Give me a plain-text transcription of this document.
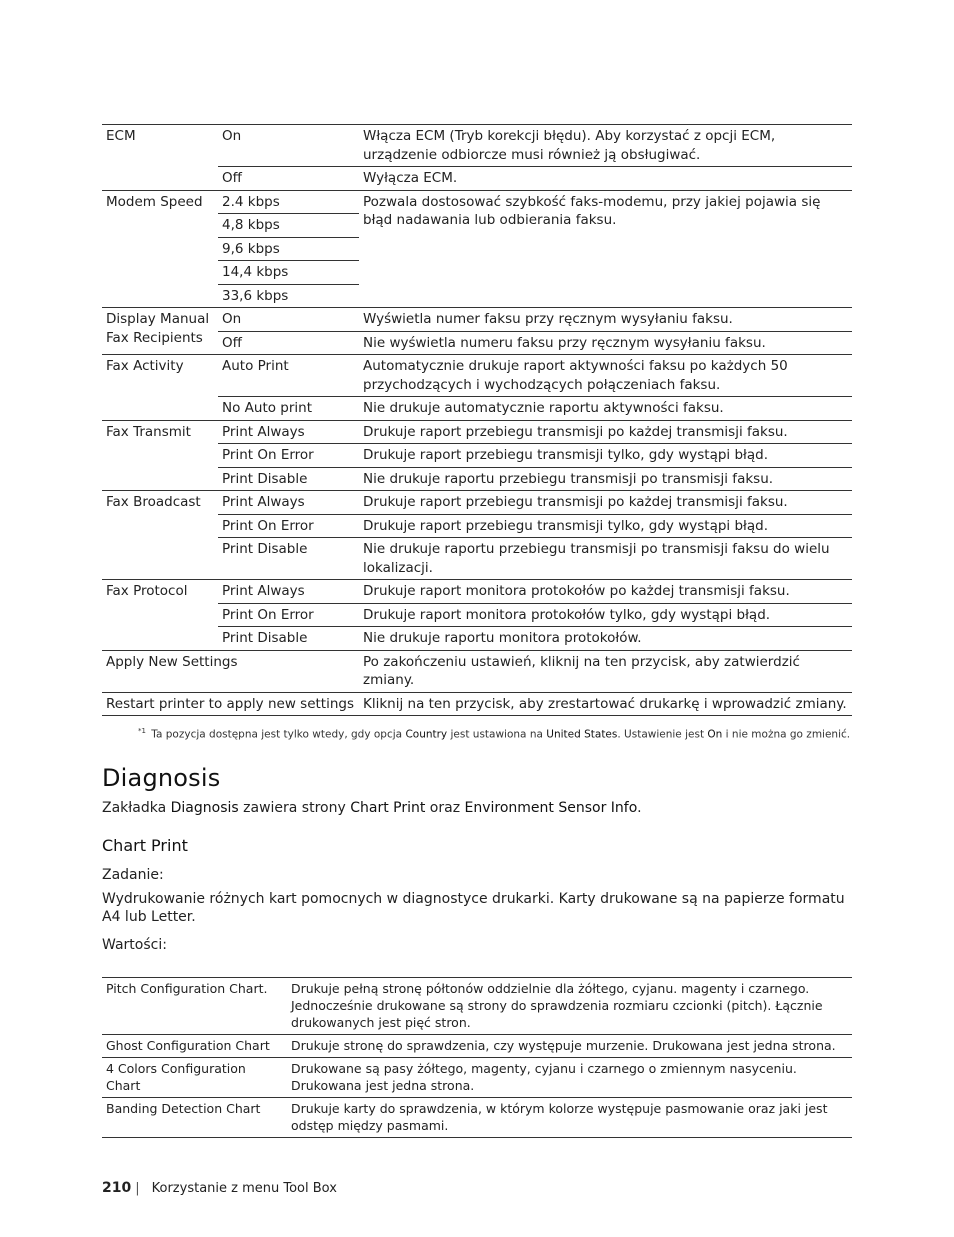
ECM	On	Włącza ECM (Tryb korekcji błędu). Aby korzystać z opcji ECM, urządzenie odbiorcze musi również ją obsługiwać.
	Off	Wyłącza ECM.
Modem Speed	2.4 kbps	Pozwala dostosować szybkość faks-modemu, przy jakiej pojawia się błąd nadawania lub odbierania faksu.
	4,8 kbps	
	9,6 kbps	
	14,4 kbps	
	33,6 kbps	
Display Manual Fax Recipients	On	Wyświetla numer faksu przy ręcznym wysyłaniu faksu.
	Off	Nie wyświetla numeru faksu przy ręcznym wysyłaniu faksu.
Fax Activity	Auto Print	Automatycznie drukuje raport aktywności faksu po każdych 50 przychodzących i wychodzących połączeniach faksu.
	No Auto print	Nie drukuje automatycznie raportu aktywności faksu.
Fax Transmit	Print Always	Drukuje raport przebiegu transmisji po każdej transmisji faksu.
	Print On Error	Drukuje raport przebiegu transmisji tylko, gdy wystąpi błąd.
	Print Disable	Nie drukuje raportu przebiegu transmisji po transmisji faksu.
Fax Broadcast	Print Always	Drukuje raport przebiegu transmisji po każdej transmisji faksu.
	Print On Error	Drukuje raport przebiegu transmisji tylko, gdy wystąpi błąd.
	Print Disable	Nie drukuje raportu przebiegu transmisji po transmisji faksu do wielu lokalizacji.
Fax Protocol	Print Always	Drukuje raport monitora protokołów po każdej transmisji faksu.
	Print On Error	Drukuje raport monitora protokołów tylko, gdy wystąpi błąd.
	Print Disable	Nie drukuje raportu monitora protokołów.
Apply New Settings		Po zakończeniu ustawień, kliknij na ten przycisk, aby zatwierdzić zmiany.
Restart printer to apply new settings		Kliknij na ten przycisk, aby zrestartować drukarkę i wprowadzić zmiany.
$^{*1}$ Ta pozycja dostępna jest tylko wtedy, gdy opcja Country jest ustawiona na United States. Ustawienie jest On i nie można go zmienić.
Diagnosis

Zakładka Diagnosis zawiera strony Chart Print oraz Environment Sensor Info.

Chart Print

Zadanie:

Wydrukowanie różnych kart pomocnych w diagnostyce drukarki. Karty drukowane są na papierze formatu A4 lub Letter.

Wartości:

Pitch Configuration Chart.	Drukuje pełną stronę półtonów oddzielnie dla żółtego, cyjanu. magenty i czarnego. Jednocześnie drukowane są strony do sprawdzenia rozmiaru czcionki (pitch). Łącznie drukowanych jest pięć stron.
Ghost Configuration Chart	Drukuje stronę do sprawdzenia, czy występuje murzenie. Drukowana jest jedna strona.
4 Colors Configuration Chart	Drukowane są pasy żółtego, magenty, cyjanu i czarnego o zmiennym nasyceniu. Drukowana jest jedna strona.
Banding Detection Chart	Drukuje karty do sprawdzenia, w którym kolorze występuje pasmowanie oraz jaki jest odstęp między pasmami.
210 | Korzystanie z menu Tool Box
